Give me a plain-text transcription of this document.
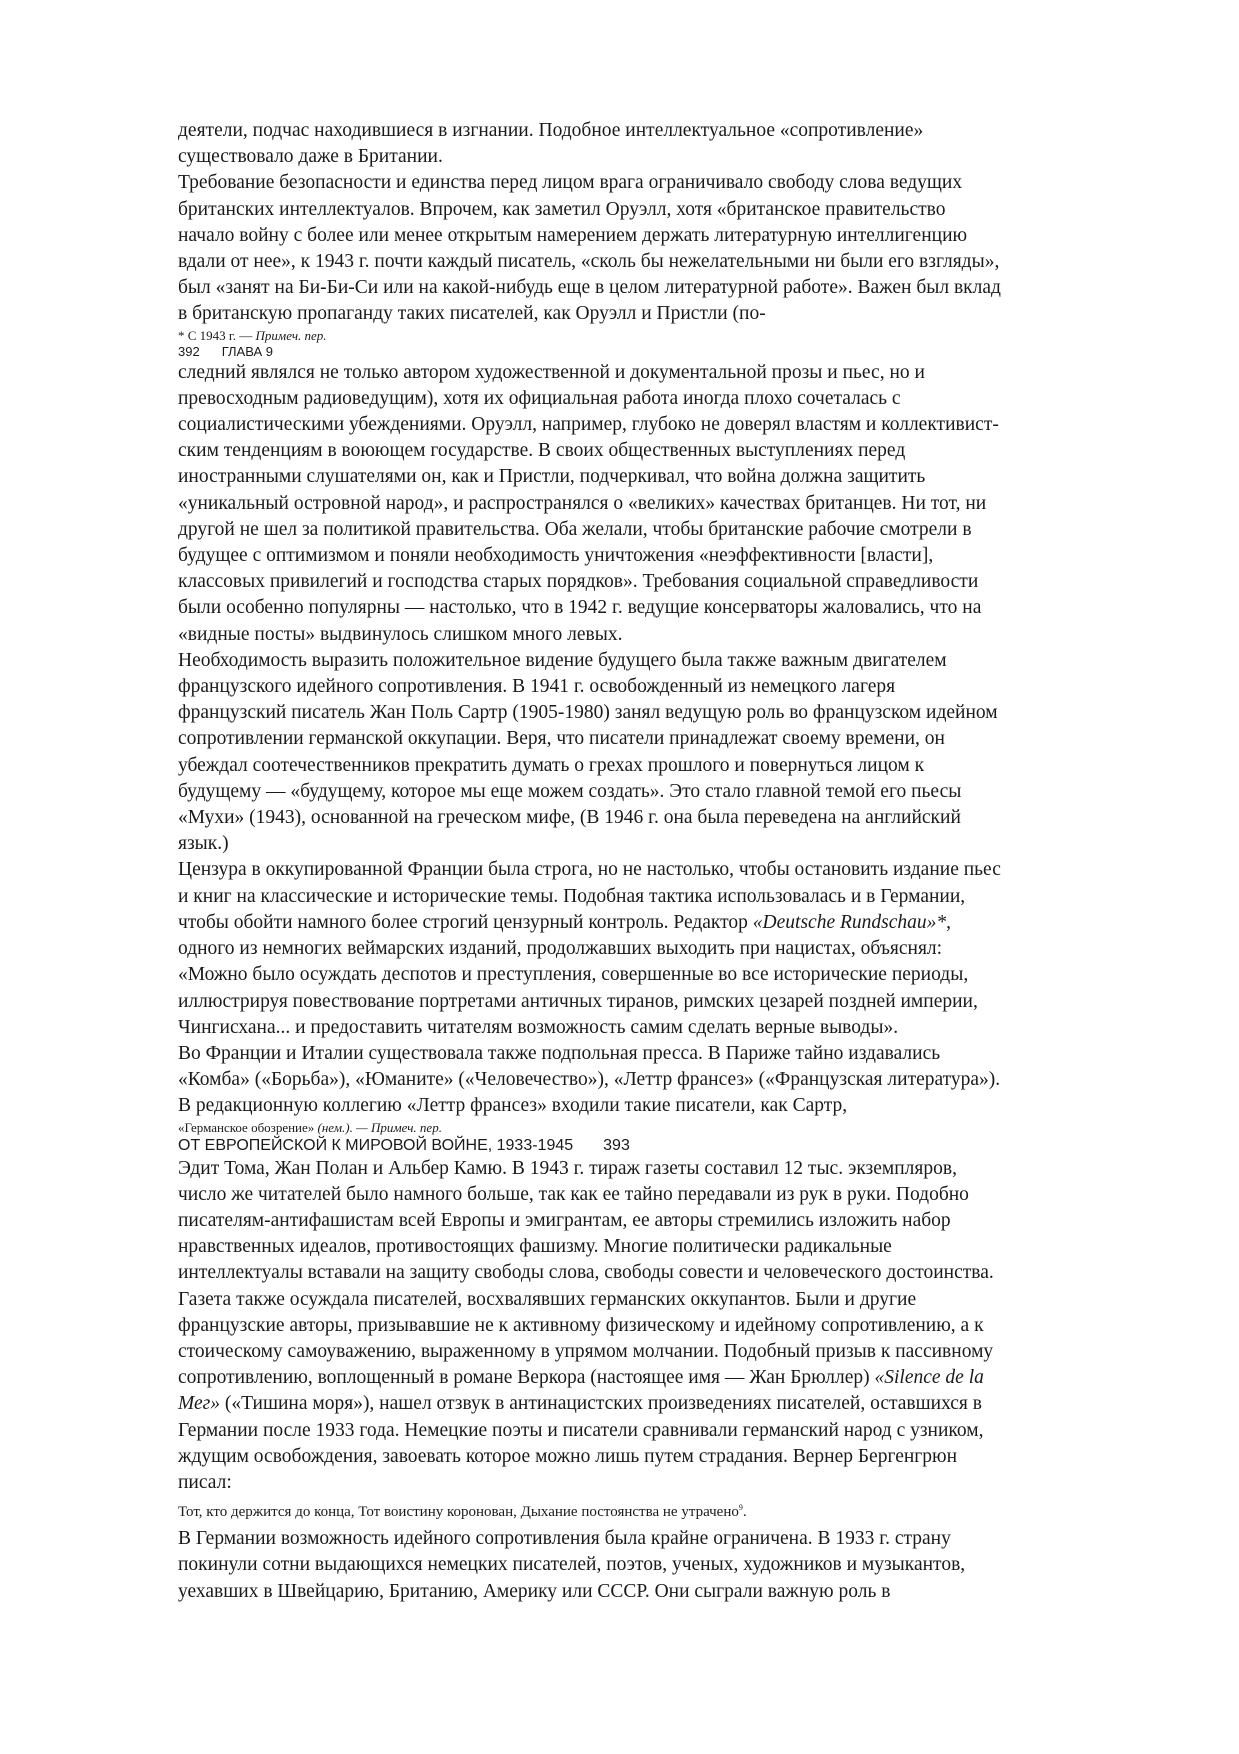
деятели, подчас находившиеся в изгнании. Подобное интеллектуальное «сопротивление»

существовало даже в Британии.

Требование безопасности и единства перед лицом врага ограничивало свободу слова ведущих

британских интеллектуалов. Впрочем, как заметил Оруэлл, хотя «британское правительство

начало войну с более или менее открытым намерением держать литературную интеллигенцию

вдали от нее», к 1943 г. почти каждый писатель, «сколь бы нежелательными ни были его взгляды»,

был «занят на Би-Би-Си или на какой-нибудь еще в целом литературной работе». Важен был вклад

в британскую пропаганду таких писателей, как Оруэлл и Пристли (по-

* С 1943 г. — Примеч. пер.

392 ГЛАВА 9

следний являлся не только автором художественной и документальной прозы и пьес, но и

превосходным радиоведущим), хотя их официальная работа иногда плохо сочеталась с

социалистическими убеждениями. Оруэлл, например, глубоко не доверял властям и коллективист-

ским тенденциям в воюющем государстве. В своих общественных выступлениях перед

иностранными слушателями он, как и Пристли, подчеркивал, что война должна защитить

«уникальный островной народ», и распространялся о «великих» качествах британцев. Ни тот, ни

другой не шел за политикой правительства. Оба желали, чтобы британские рабочие смотрели в

будущее с оптимизмом и поняли необходимость уничтожения «неэффективности [власти],

классовых привилегий и господства старых порядков». Требования социальной справедливости

были особенно популярны — настолько, что в 1942 г. ведущие консерваторы жаловались, что на

«видные посты» выдвинулось слишком много левых.

Необходимость выразить положительное видение будущего была также важным двигателем

французского идейного сопротивления. В 1941 г. освобожденный из немецкого лагеря

французский писатель Жан Поль Сартр (1905-1980) занял ведущую роль во французском идейном

сопротивлении германской оккупации. Веря, что писатели принадлежат своему времени, он

убеждал соотечественников прекратить думать о грехах прошлого и повернуться лицом к

будущему — «будущему, которое мы еще можем создать». Это стало главной темой его пьесы

«Мухи» (1943), основанной на греческом мифе, (В 1946 г. она была переведена на английский

язык.)

Цензура в оккупированной Франции была строга, но не настолько, чтобы остановить издание пьес

и книг на классические и исторические темы. Подобная тактика использовалась и в Германии,

чтобы обойти намного более строгий цензурный контроль. Редактор «Deutsche Rundschau»*,

одного из немногих веймарских изданий, продолжавших выходить при нацистах, объяснял:

«Можно было осуждать деспотов и преступления, совершенные во все исторические периоды,

иллюстрируя повествование портретами античных тиранов, римских цезарей поздней империи,

Чингисхана... и предоставить читателям возможность самим сделать верные выводы».

Во Франции и Италии существовала также подпольная пресса. В Париже тайно издавались

«Комба» («Борьба»), «Юманите» («Человечество»), «Леттр франсез» («Французская литература»).

В редакционную коллегию «Леттр франсез» входили такие писатели, как Сартр,

«Германское обозрение» (нем.). — Примеч. пер.

ОТ ЕВРОПЕЙСКОЙ К МИРОВОЙ ВОЙНЕ, 1933-1945 393

Эдит Тома, Жан Полан и Альбер Камю. В 1943 г. тираж газеты составил 12 тыс. экземпляров,

число же читателей было намного больше, так как ее тайно передавали из рук в руки. Подобно

писателям-антифашистам всей Европы и эмигрантам, ее авторы стремились изложить набор

нравственных идеалов, противостоящих фашизму. Многие политически радикальные

интеллектуалы вставали на защиту свободы слова, свободы совести и человеческого достоинства.

Газета также осуждала писателей, восхвалявших германских оккупантов. Были и другие

французские авторы, призывавшие не к активному физическому и идейному сопротивлению, а к

стоическому самоуважению, выраженному в упрямом молчании. Подобный призыв к пассивному

сопротивлению, воплощенный в романе Веркора (настоящее имя — Жан Брюллер) «Silence de la

Мег» («Тишина моря»), нашел отзвук в антинацистских произведениях писателей, оставшихся в

Германии после 1933 года. Немецкие поэты и писатели сравнивали германский народ с узником,

ждущим освобождения, завоевать которое можно лишь путем страдания. Вернер Бергенгрюн

писал:

Тот, кто держится до конца, Тот воистину коронован, Дыхание постоянства не утрачено$^9$.

В Германии возможность идейного сопротивления была крайне ограничена. В 1933 г. страну

покинули сотни выдающихся немецких писателей, поэтов, ученых, художников и музыкантов,

уехавших в Швейцарию, Британию, Америку или СССР. Они сыграли важную роль в
